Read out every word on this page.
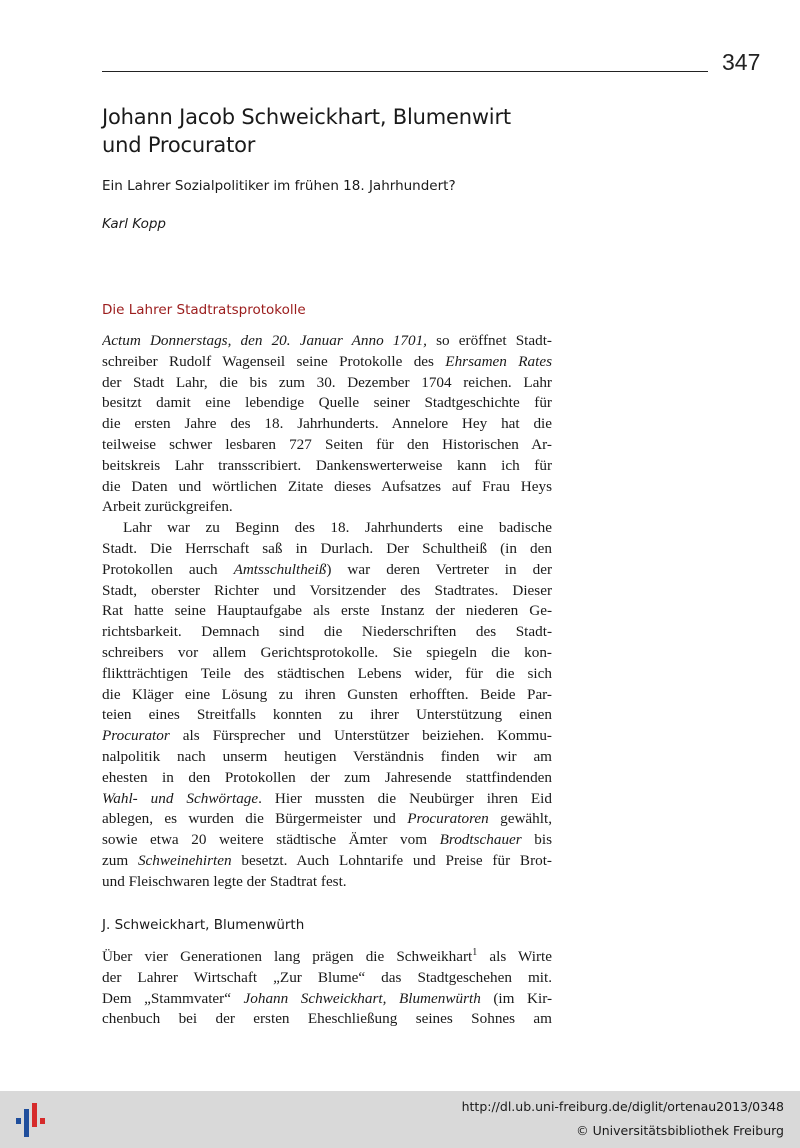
347
Johann Jacob Schweickhart, Blumenwirt
und Procurator
Ein Lahrer Sozialpolitiker im frühen 18. Jahrhundert?
Karl Kopp
Die Lahrer Stadtratsprotokolle
Actum Donnerstags, den 20. Januar Anno 1701, so eröffnet Stadt-
schreiber Rudolf Wagenseil seine Protokolle des Ehrsamen Rates
der Stadt Lahr, die bis zum 30. Dezember 1704 reichen. Lahr
besitzt damit eine lebendige Quelle seiner Stadtgeschichte für
die ersten Jahre des 18. Jahrhunderts. Annelore Hey hat die
teilweise schwer lesbaren 727 Seiten für den Historischen Ar-
beitskreis Lahr transscribiert. Dankenswerterweise kann ich für
die Daten und wörtlichen Zitate dieses Aufsatzes auf Frau Heys
Arbeit zurückgreifen.
Lahr war zu Beginn des 18. Jahrhunderts eine badische
Stadt. Die Herrschaft saß in Durlach. Der Schultheiß (in den
Protokollen auch Amtsschultheiß) war deren Vertreter in der
Stadt, oberster Richter und Vorsitzender des Stadtrates. Dieser
Rat hatte seine Hauptaufgabe als erste Instanz der niederen Ge-
richtsbarkeit. Demnach sind die Niederschriften des Stadt-
schreibers vor allem Gerichtsprotokolle. Sie spiegeln die kon-
fliktträchtigen Teile des städtischen Lebens wider, für die sich
die Kläger eine Lösung zu ihren Gunsten erhofften. Beide Par-
teien eines Streitfalls konnten zu ihrer Unterstützung einen
Procurator als Fürsprecher und Unterstützer beiziehen. Kommu-
nalpolitik nach unserm heutigen Verständnis finden wir am
ehesten in den Protokollen der zum Jahresende stattfindenden
Wahl- und Schwörtage. Hier mussten die Neubürger ihren Eid
ablegen, es wurden die Bürgermeister und Procuratoren gewählt,
sowie etwa 20 weitere städtische Ämter vom Brodtschauer bis
zum Schweinehirten besetzt. Auch Lohntarife und Preise für Brot-
und Fleischwaren legte der Stadtrat fest.
J. Schweickhart, Blumenwürth
Über vier Generationen lang prägen die Schweikhart$^1$ als Wirte
der Lahrer Wirtschaft „Zur Blume“ das Stadtgeschehen mit.
Dem „Stammvater“ Johann Schweickhart, Blumenwürth (im Kir-
chenbuch bei der ersten Eheschließung seines Sohnes am
http://dl.ub.uni-freiburg.de/diglit/ortenau2013/0348
© Universitätsbibliothek Freiburg
